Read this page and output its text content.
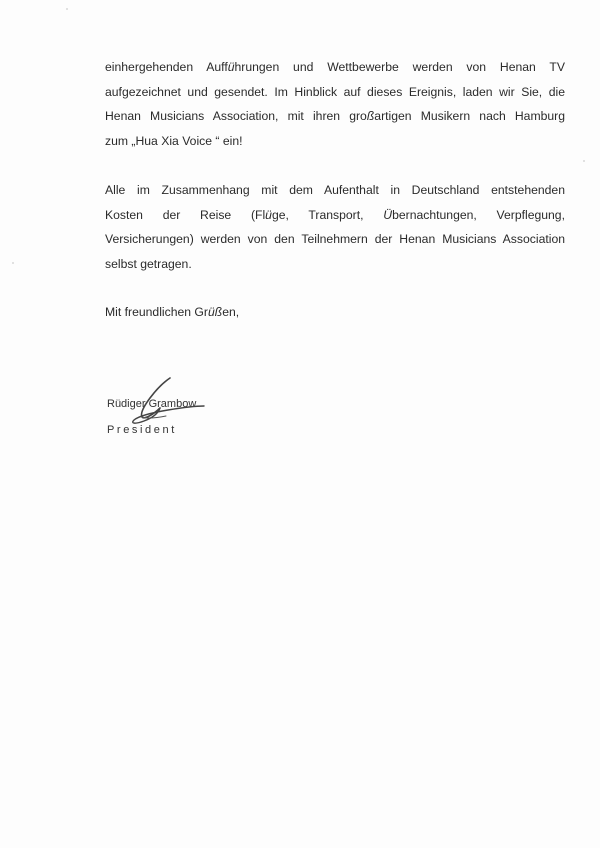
einhergehenden Aufführungen und Wettbewerbe werden von Henan TV
aufgezeichnet und gesendet. Im Hinblick auf dieses Ereignis, laden wir Sie, die
Henan Musicians Association, mit ihren großartigen Musikern nach Hamburg
zum „Hua Xia Voice “ ein!

Alle im Zusammenhang mit dem Aufenthalt in Deutschland entstehenden
Kosten der Reise (Flüge, Transport, Übernachtungen, Verpflegung,
Versicherungen) werden von den Teilnehmern der Henan Musicians Association
selbst getragen.

Mit freundlichen Grüßen,

Rüdiger Grambow
President
